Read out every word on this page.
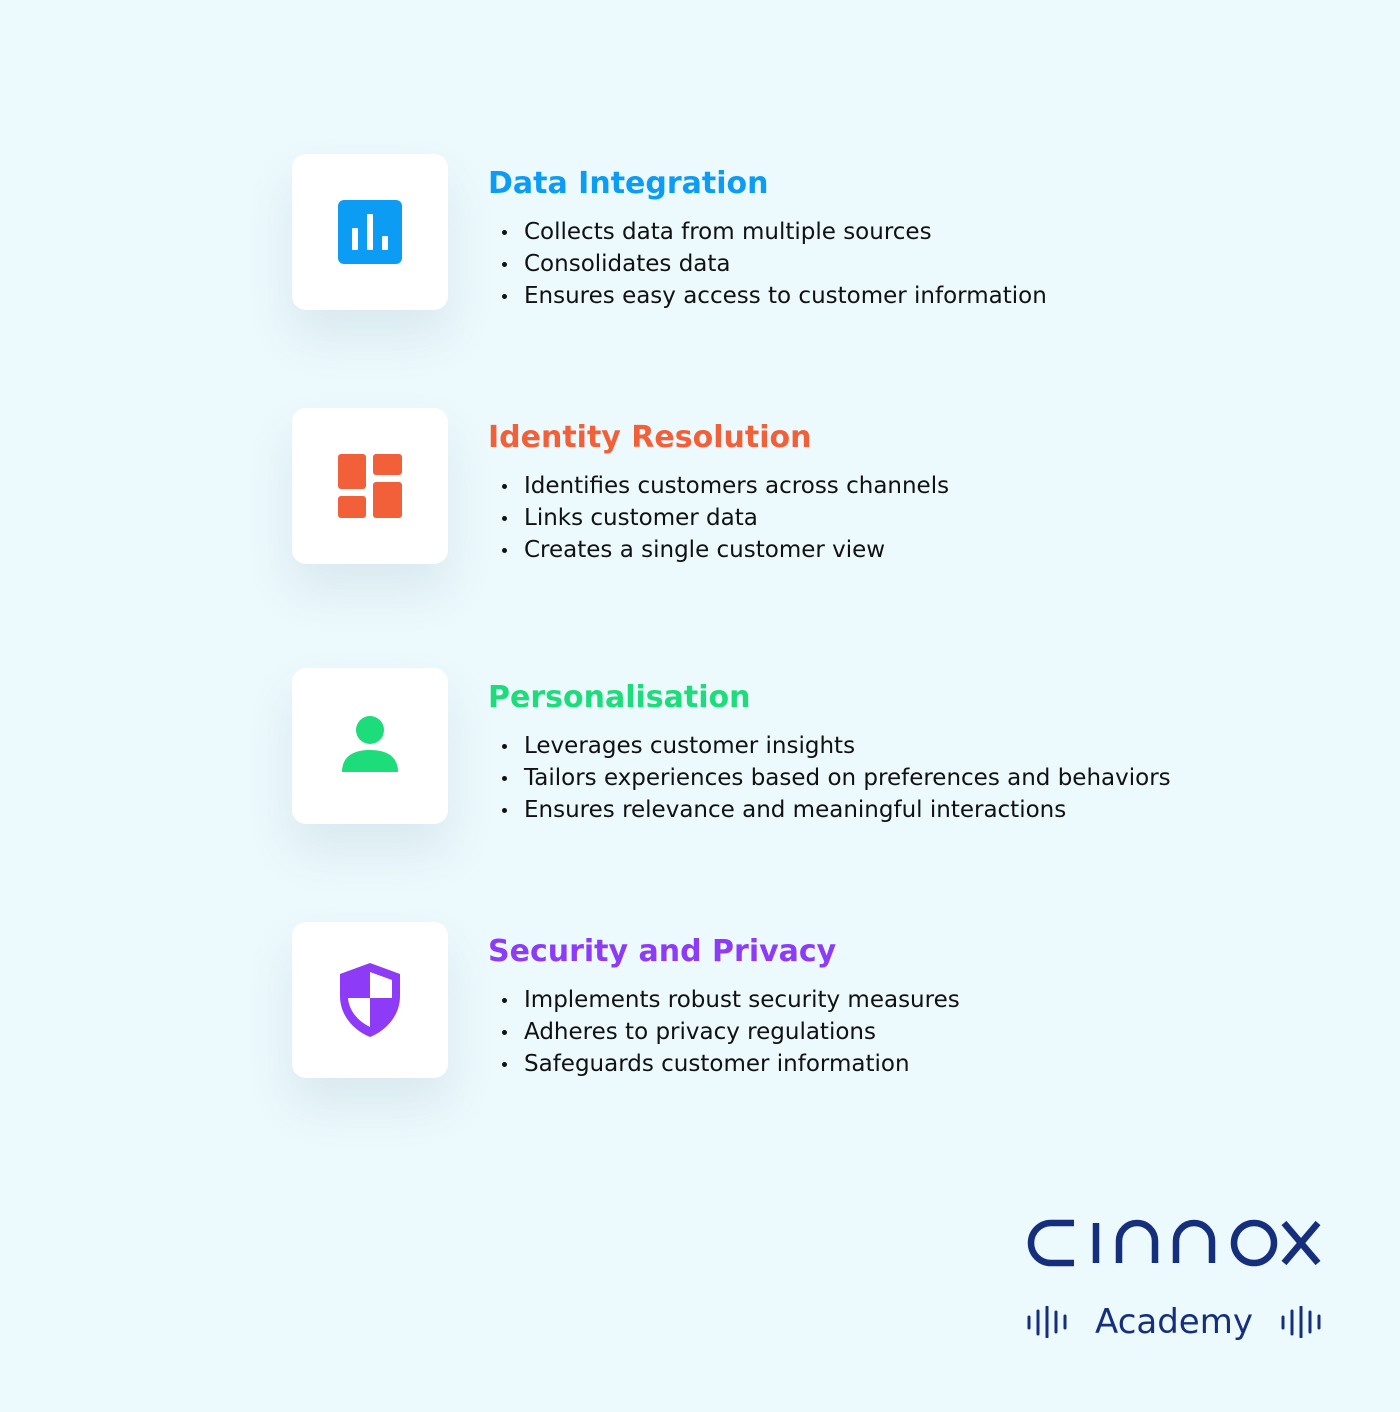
Data Integration
Collects data from multiple sources
Consolidates data
Ensures easy access to customer information
Identity Resolution
Identifies customers across channels
Links customer data
Creates a single customer view
Personalisation
Leverages customer insights
Tailors experiences based on preferences and behaviors
Ensures relevance and meaningful interactions
Security and Privacy
Implements robust security measures
Adheres to privacy regulations
Safeguards customer information
Academy
